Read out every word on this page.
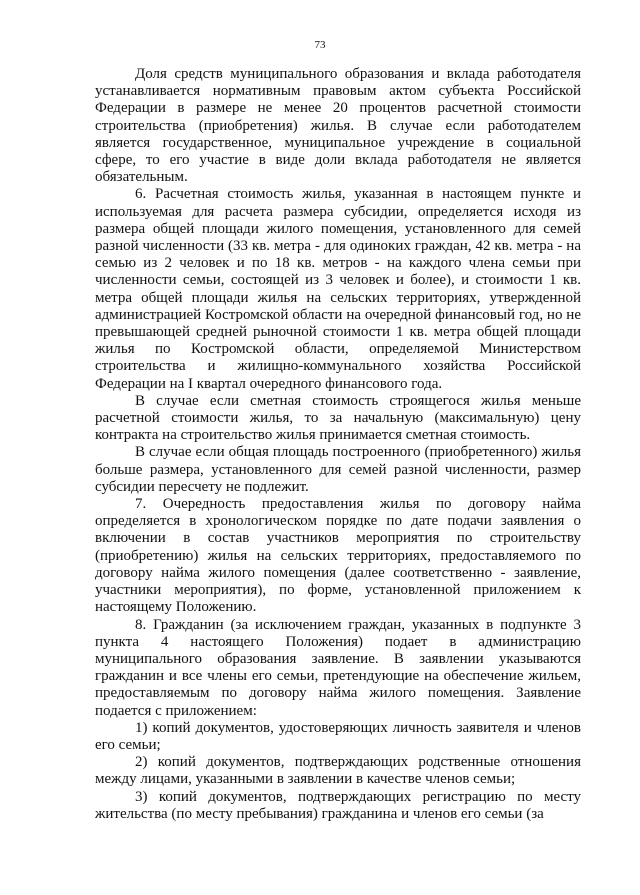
73

Доля средств муниципального образования и вклада работодателя устанавливается нормативным правовым актом субъекта Российской Федерации в размере не менее 20 процентов расчетной стоимости строительства (приобретения) жилья. В случае если работодателем является государственное, муниципальное учреждение в социальной сфере, то его участие в виде доли вклада работодателя не является обязательным.

6. Расчетная стоимость жилья, указанная в настоящем пункте и используемая для расчета размера субсидии, определяется исходя из размера общей площади жилого помещения, установленного для семей разной численности (33 кв. метра - для одиноких граждан, 42 кв. метра - на семью из 2 человек и по 18 кв. метров - на каждого члена семьи при численности семьи, состоящей из 3 человек и более), и стоимости 1 кв. метра общей площади жилья на сельских территориях, утвержденной администрацией Костромской области на очередной финансовый год, но не превышающей средней рыночной стоимости 1 кв. метра общей площади жилья по Костромской области, определяемой Министерством строительства и жилищно-коммунального хозяйства Российской Федерации на I квартал очередного финансового года.

В случае если сметная стоимость строящегося жилья меньше расчетной стоимости жилья, то за начальную (максимальную) цену контракта на строительство жилья принимается сметная стоимость.

В случае если общая площадь построенного (приобретенного) жилья больше размера, установленного для семей разной численности, размер субсидии пересчету не подлежит.

7. Очередность предоставления жилья по договору найма определяется в хронологическом порядке по дате подачи заявления о включении в состав участников мероприятия по строительству (приобретению) жилья на сельских территориях, предоставляемого по договору найма жилого помещения (далее соответственно - заявление, участники мероприятия), по форме, установленной приложением к настоящему Положению.

8. Гражданин (за исключением граждан, указанных в подпункте 3 пункта 4 настоящего Положения) подает в администрацию муниципального образования заявление. В заявлении указываются гражданин и все члены его семьи, претендующие на обеспечение жильем, предоставляемым по договору найма жилого помещения. Заявление подается с приложением:

1) копий документов, удостоверяющих личность заявителя и членов его семьи;

2) копий документов, подтверждающих родственные отношения между лицами, указанными в заявлении в качестве членов семьи;

3) копий документов, подтверждающих регистрацию по месту жительства (по месту пребывания) гражданина и членов его семьи (за
